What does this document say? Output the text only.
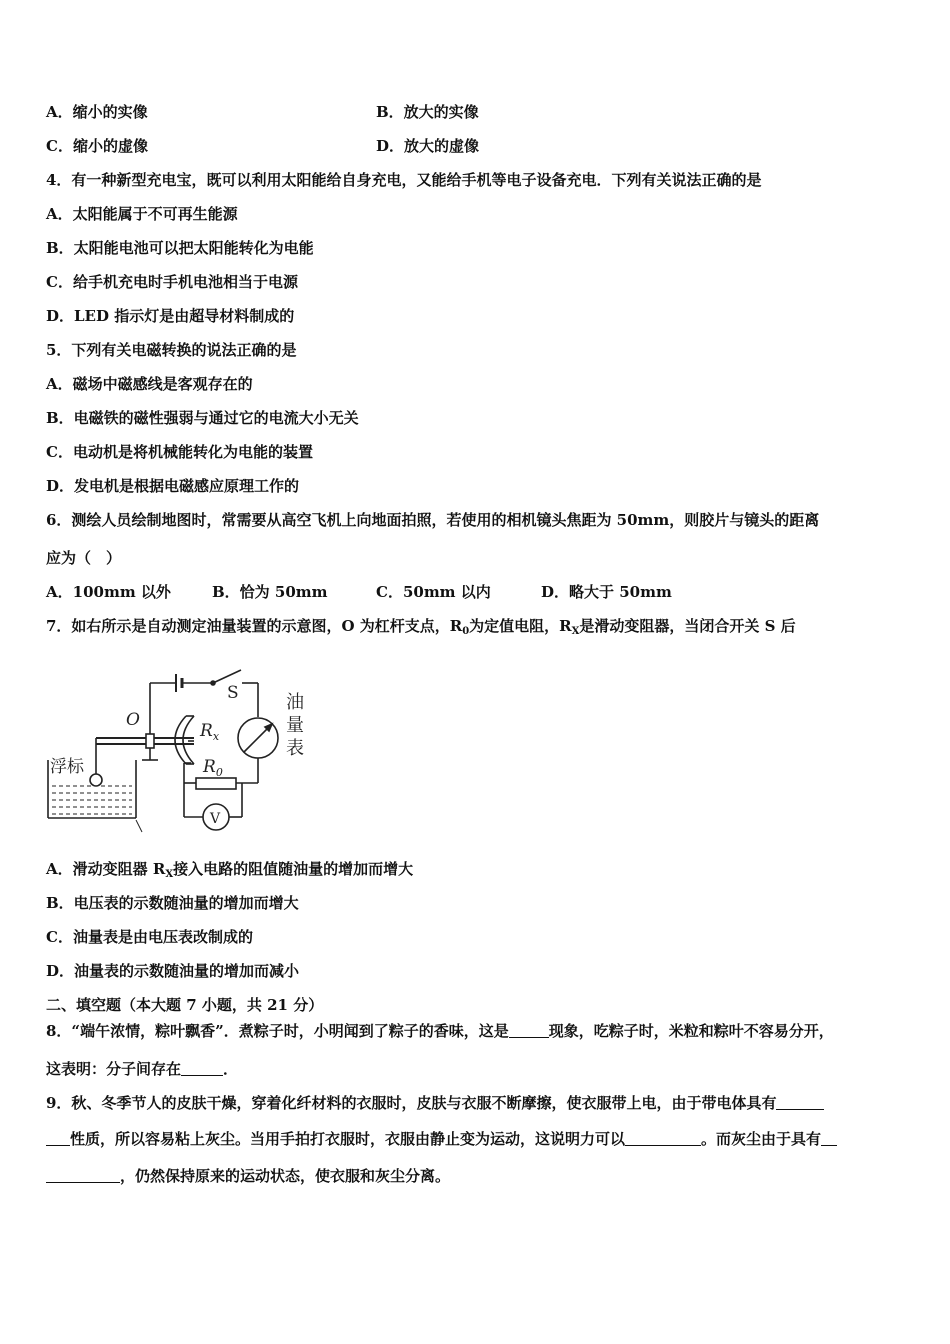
A．缩小的实像	B．放大的实像
C．缩小的虚像	D．放大的虚像
4．有一种新型充电宝，既可以利用太阳能给自身充电，又能给手机等电子设备充电．下列有关说法正确的是
A．太阳能属于不可再生能源
B．太阳能电池可以把太阳能转化为电能
C．给手机充电时手机电池相当于电源
D．LED 指示灯是由超导材料制成的
5．下列有关电磁转换的说法正确的是
A．磁场中磁感线是客观存在的
B．电磁铁的磁性强弱与通过它的电流大小无关
C．电动机是将机械能转化为电能的装置
D．发电机是根据电磁感应原理工作的
6．测绘人员绘制地图时，常需要从高空飞机上向地面拍照，若使用的相机镜头焦距为 50mm，则胶片与镜头的距离
应为（　）
A．100mm 以外	B．恰为 50mm	C．50mm 以内	D．略大于 50mm
7．如右所示是自动测定油量装置的示意图，O 为杠杆支点，$R_0$为定值电阻，$R_X$是滑动变阻器，当闭合开关 S 后
S
O
$R_x$
$R_0$
浮标
V
油
量
表
A．滑动变阻器 $R_X$接入电路的阻值随油量的增加而增大
B．电压表的示数随油量的增加而增大
C．油量表是由电压表改制成的
D．油量表的示数随油量的增加而减小
二、填空题（本大题 7 小题，共 21 分）
8．“端午浓情，粽叶飘香”．煮粽子时，小明闻到了粽子的香味，这是	现象，吃粽子时，米粒和粽叶不容易分开，
这表明：分子间存在	．
9．秋、冬季节人的皮肤干燥，穿着化纤材料的衣服时，皮肤与衣服不断摩擦，使衣服带上电，由于带电体具有
性质，所以容易粘上灰尘。当用手拍打衣服时，衣服由静止变为运动，这说明力可以	。而灰尘由于具有
，仍然保持原来的运动状态，使衣服和灰尘分离。
